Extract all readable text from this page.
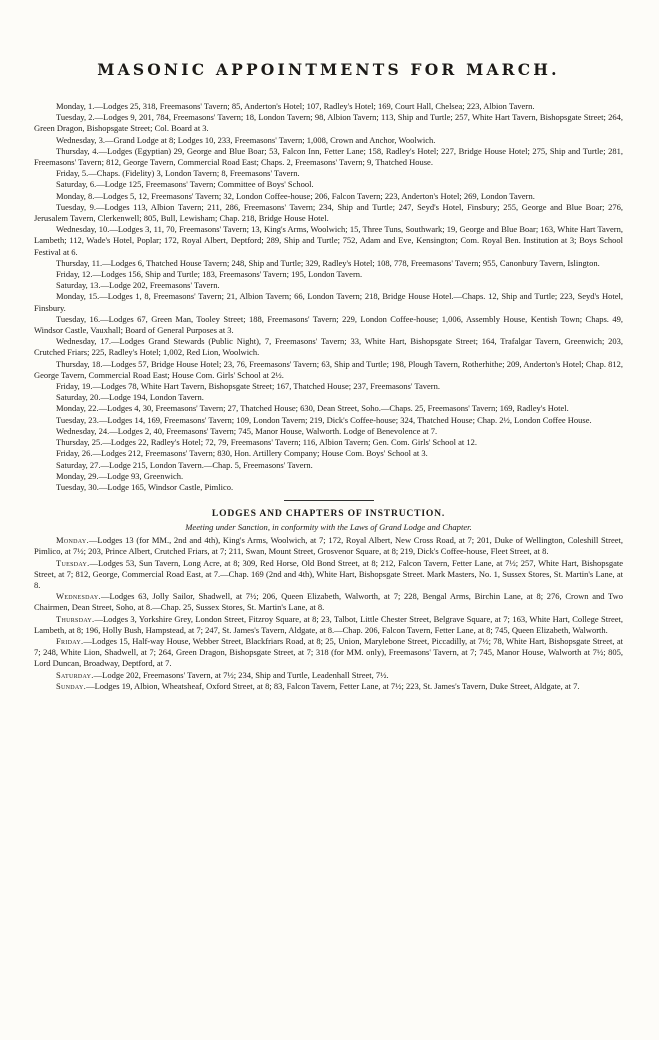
MASONIC APPOINTMENTS FOR MARCH.

Monday, 1.—Lodges 25, 318, Freemasons' Tavern; 85, Anderton's Hotel; 107, Radley's Hotel; 169, Court Hall, Chelsea; 223, Albion Tavern.

Tuesday, 2.—Lodges 9, 201, 784, Freemasons' Tavern; 18, London Tavern; 98, Albion Tavern; 113, Ship and Turtle; 257, White Hart Tavern, Bishopsgate Street; 264, Green Dragon, Bishopsgate Street; Col. Board at 3.

Wednesday, 3.—Grand Lodge at 8; Lodges 10, 233, Freemasons' Tavern; 1,008, Crown and Anchor, Woolwich.

Thursday, 4.—Lodges (Egyptian) 29, George and Blue Boar; 53, Falcon Inn, Fetter Lane; 158, Radley's Hotel; 227, Bridge House Hotel; 275, Ship and Turtle; 281, Freemasons' Tavern; 812, George Tavern, Commercial Road East; Chaps. 2, Freemasons' Tavern; 9, Thatched House.

Friday, 5.—Chaps. (Fidelity) 3, London Tavern; 8, Freemasons' Tavern.

Saturday, 6.—Lodge 125, Freemasons' Tavern; Committee of Boys' School.

Monday, 8.—Lodges 5, 12, Freemasons' Tavern; 32, London Coffee-house; 206, Falcon Tavern; 223, Anderton's Hotel; 269, London Tavern.

Tuesday, 9.—Lodges 113, Albion Tavern; 211, 286, Freemasons' Tavern; 234, Ship and Turtle; 247, Seyd's Hotel, Finsbury; 255, George and Blue Boar; 276, Jerusalem Tavern, Clerkenwell; 805, Bull, Lewisham; Chap. 218, Bridge House Hotel.

Wednesday, 10.—Lodges 3, 11, 70, Freemasons' Tavern; 13, King's Arms, Woolwich; 15, Three Tuns, Southwark; 19, George and Blue Boar; 163, White Hart Tavern, Lambeth; 112, Wade's Hotel, Poplar; 172, Royal Albert, Deptford; 289, Ship and Turtle; 752, Adam and Eve, Kensington; Com. Royal Ben. Institution at 3; Boys School Festival at 6.

Thursday, 11.—Lodges 6, Thatched House Tavern; 248, Ship and Turtle; 329, Radley's Hotel; 108, 778, Freemasons' Tavern; 955, Canonbury Tavern, Islington.

Friday, 12.—Lodges 156, Ship and Turtle; 183, Freemasons' Tavern; 195, London Tavern.

Saturday, 13.—Lodge 202, Freemasons' Tavern.

Monday, 15.—Lodges 1, 8, Freemasons' Tavern; 21, Albion Tavern; 66, London Tavern; 218, Bridge House Hotel.—Chaps. 12, Ship and Turtle; 223, Seyd's Hotel, Finsbury.

Tuesday, 16.—Lodges 67, Green Man, Tooley Street; 188, Freemasons' Tavern; 229, London Coffee-house; 1,006, Assembly House, Kentish Town; Chaps. 49, Windsor Castle, Vauxhall; Board of General Purposes at 3.

Wednesday, 17.—Lodges Grand Stewards (Public Night), 7, Freemasons' Tavern; 33, White Hart, Bishopsgate Street; 164, Trafalgar Tavern, Greenwich; 203, Crutched Friars; 225, Radley's Hotel; 1,002, Red Lion, Woolwich.

Thursday, 18.—Lodges 57, Bridge House Hotel; 23, 76, Freemasons' Tavern; 63, Ship and Turtle; 198, Plough Tavern, Rotherhithe; 209, Anderton's Hotel; Chap. 812, George Tavern, Commercial Road East; House Com. Girls' School at 2½.

Friday, 19.—Lodges 78, White Hart Tavern, Bishopsgate Street; 167, Thatched House; 237, Freemasons' Tavern.

Saturday, 20.—Lodge 194, London Tavern.

Monday, 22.—Lodges 4, 30, Freemasons' Tavern; 27, Thatched House; 630, Dean Street, Soho.—Chaps. 25, Freemasons' Tavern; 169, Radley's Hotel.

Tuesday, 23.—Lodges 14, 169, Freemasons' Tavern; 109, London Tavern; 219, Dick's Coffee-house; 324, Thatched House; Chap. 2½, London Coffee House.

Wednesday, 24.—Lodges 2, 40, Freemasons' Tavern; 745, Manor House, Walworth. Lodge of Benevolence at 7.

Thursday, 25.—Lodges 22, Radley's Hotel; 72, 79, Freemasons' Tavern; 116, Albion Tavern; Gen. Com. Girls' School at 12.

Friday, 26.—Lodges 212, Freemasons' Tavern; 830, Hon. Artillery Company; House Com. Boys' School at 3.

Saturday, 27.—Lodge 215, London Tavern.—Chap. 5, Freemasons' Tavern.

Monday, 29.—Lodge 93, Greenwich.

Tuesday, 30.—Lodge 165, Windsor Castle, Pimlico.

LODGES AND CHAPTERS OF INSTRUCTION.
Meeting under Sanction, in conformity with the Laws of Grand Lodge and Chapter.

Monday.—Lodges 13 (for MM., 2nd and 4th), King's Arms, Woolwich, at 7; 172, Royal Albert, New Cross Road, at 7; 201, Duke of Wellington, Coleshill Street, Pimlico, at 7½; 203, Prince Albert, Crutched Friars, at 7; 211, Swan, Mount Street, Grosvenor Square, at 8; 219, Dick's Coffee-house, Fleet Street, at 8.

Tuesday.—Lodges 53, Sun Tavern, Long Acre, at 8; 309, Red Horse, Old Bond Street, at 8; 212, Falcon Tavern, Fetter Lane, at 7½; 257, White Hart, Bishopsgate Street, at 7; 812, George, Commercial Road East, at 7.—Chap. 169 (2nd and 4th), White Hart, Bishopsgate Street. Mark Masters, No. 1, Sussex Stores, St. Martin's Lane, at 8.

Wednesday.—Lodges 63, Jolly Sailor, Shadwell, at 7½; 206, Queen Elizabeth, Walworth, at 7; 228, Bengal Arms, Birchin Lane, at 8; 276, Crown and Two Chairmen, Dean Street, Soho, at 8.—Chap. 25, Sussex Stores, St. Martin's Lane, at 8.

Thursday.—Lodges 3, Yorkshire Grey, London Street, Fitzroy Square, at 8; 23, Talbot, Little Chester Street, Belgrave Square, at 7; 163, White Hart, College Street, Lambeth, at 8; 196, Holly Bush, Hampstead, at 7; 247, St. James's Tavern, Aldgate, at 8.—Chap. 206, Falcon Tavern, Fetter Lane, at 8; 745, Queen Elizabeth, Walworth.

Friday.—Lodges 15, Half-way House, Webber Street, Blackfriars Road, at 8; 25, Union, Marylebone Street, Piccadilly, at 7½; 78, White Hart, Bishopsgate Street, at 7; 248, White Lion, Shadwell, at 7; 264, Green Dragon, Bishopsgate Street, at 7; 318 (for MM. only), Freemasons' Tavern, at 7; 745, Manor House, Walworth at 7½; 805, Lord Duncan, Broadway, Deptford, at 7.

Saturday.—Lodge 202, Freemasons' Tavern, at 7½; 234, Ship and Turtle, Leadenhall Street, 7½.

Sunday.—Lodges 19, Albion, Wheatsheaf, Oxford Street, at 8; 83, Falcon Tavern, Fetter Lane, at 7½; 223, St. James's Tavern, Duke Street, Aldgate, at 7.
